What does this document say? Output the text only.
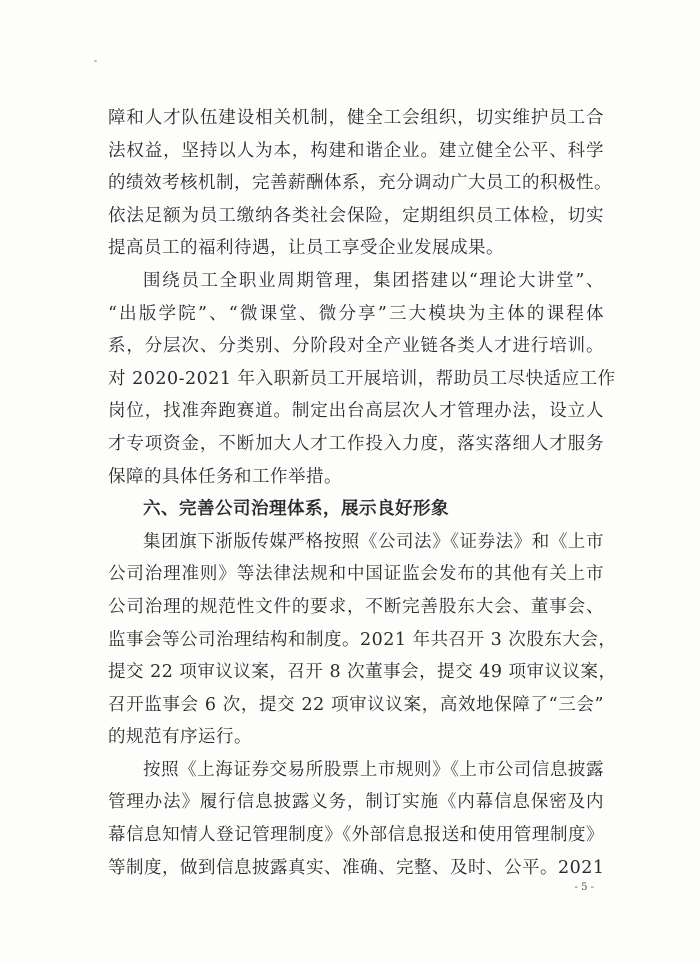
障和人才队伍建设相关机制，健全工会组织，切实维护员工合
法权益，坚持以人为本，构建和谐企业。建立健全公平、科学
的绩效考核机制，完善薪酬体系，充分调动广大员工的积极性。
依法足额为员工缴纳各类社会保险，定期组织员工体检，切实
提高员工的福利待遇，让员工享受企业发展成果。
围绕员工全职业周期管理，集团搭建以“理论大讲堂”、
“出版学院”、“微课堂、微分享”三大模块为主体的课程体
系，分层次、分类别、分阶段对全产业链各类人才进行培训。
对 2020-2021 年入职新员工开展培训，帮助员工尽快适应工作
岗位，找准奔跑赛道。制定出台高层次人才管理办法，设立人
才专项资金，不断加大人才工作投入力度，落实落细人才服务
保障的具体任务和工作举措。
六、完善公司治理体系，展示良好形象
集团旗下浙版传媒严格按照《公司法》《证券法》和《上市
公司治理准则》等法律法规和中国证监会发布的其他有关上市
公司治理的规范性文件的要求，不断完善股东大会、董事会、
监事会等公司治理结构和制度。2021 年共召开 3 次股东大会，
提交 22 项审议议案，召开 8 次董事会，提交 49 项审议议案，
召开监事会 6 次，提交 22 项审议议案，高效地保障了“三会”
的规范有序运行。
按照《上海证券交易所股票上市规则》《上市公司信息披露
管理办法》履行信息披露义务，制订实施《内幕信息保密及内
幕信息知情人登记管理制度》《外部信息报送和使用管理制度》
等制度，做到信息披露真实、准确、完整、及时、公平。2021
- 5 -
